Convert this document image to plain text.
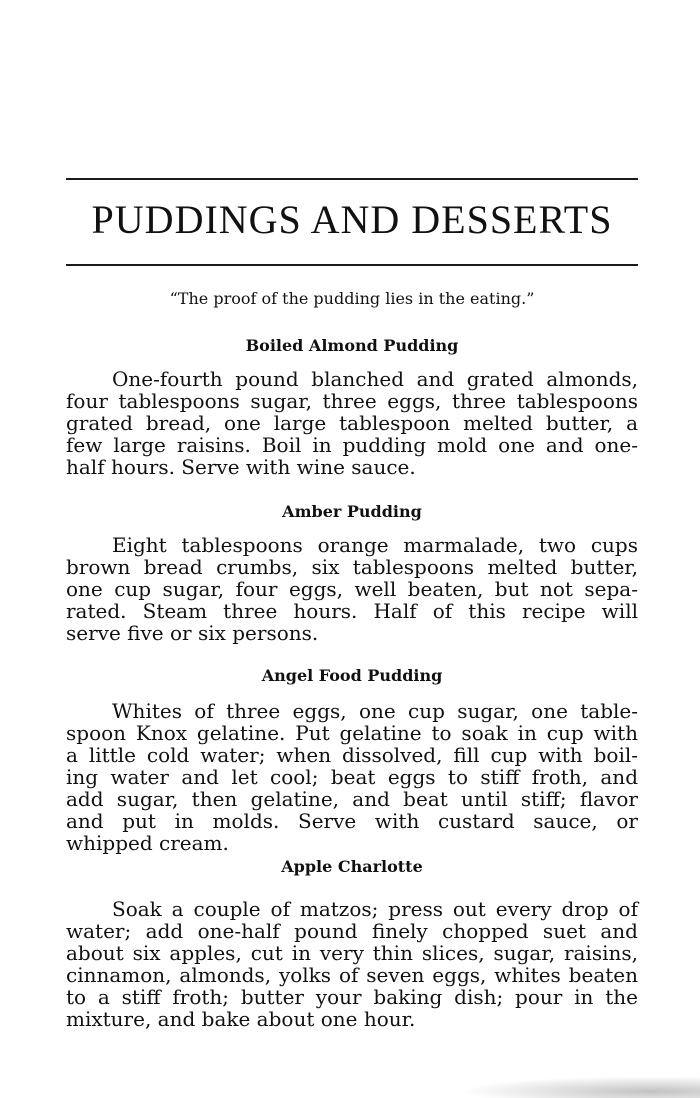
PUDDINGS AND DESSERTS
“The proof of the pudding lies in the eating.”
Boiled Almond Pudding
One-fourth pound blanched and grated almonds,
four tablespoons sugar, three eggs, three tablespoons
grated bread, one large tablespoon melted butter, a
few large raisins. Boil in pudding mold one and one-
half hours. Serve with wine sauce.
Amber Pudding
Eight tablespoons orange marmalade, two cups
brown bread crumbs, six tablespoons melted butter,
one cup sugar, four eggs, well beaten, but not sepa-
rated. Steam three hours. Half of this recipe will
serve five or six persons.
Angel Food Pudding
Whites of three eggs, one cup sugar, one table-
spoon Knox gelatine. Put gelatine to soak in cup with
a little cold water; when dissolved, fill cup with boil-
ing water and let cool; beat eggs to stiff froth, and
add sugar, then gelatine, and beat until stiff; flavor
and put in molds. Serve with custard sauce, or
whipped cream.
Apple Charlotte
Soak a couple of matzos; press out every drop of
water; add one-half pound finely chopped suet and
about six apples, cut in very thin slices, sugar, raisins,
cinnamon, almonds, yolks of seven eggs, whites beaten
to a stiff froth; butter your baking dish; pour in the
mixture, and bake about one hour.
